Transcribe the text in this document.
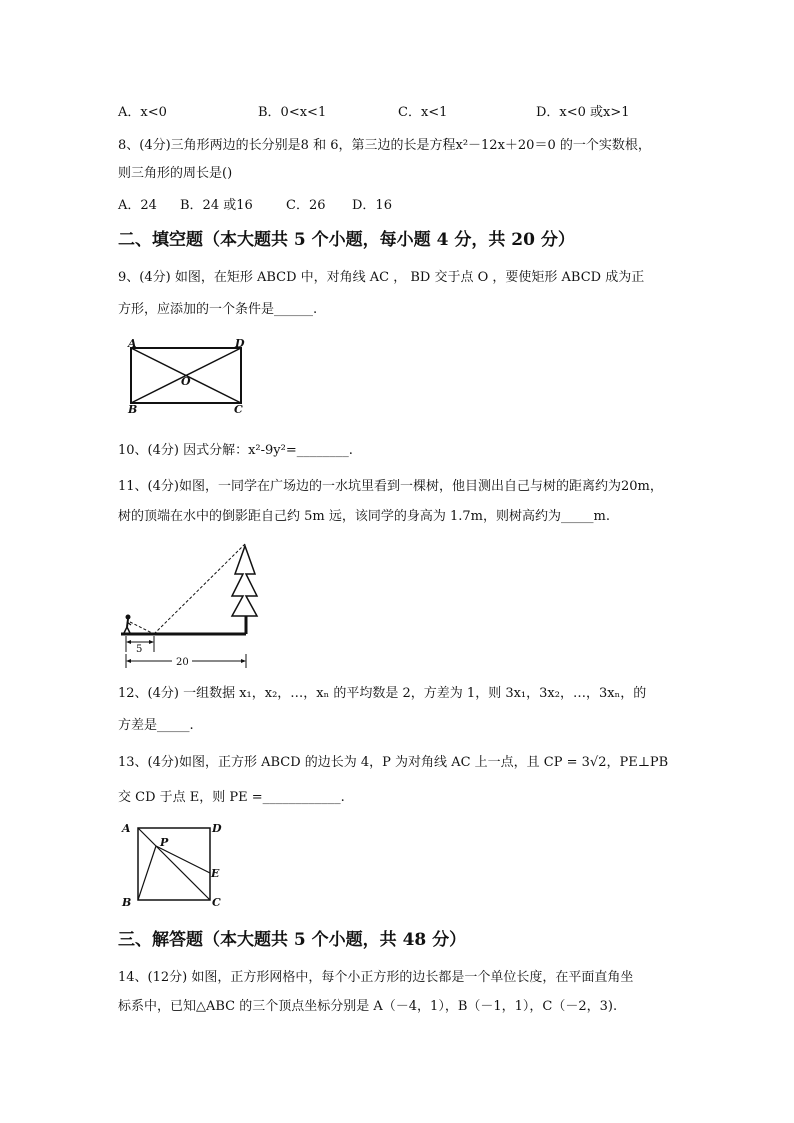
A．x<0	B．0<x<1	C．x<1	D．x<0 或x>1
8、(4分)三角形两边的长分别是8 和 6，第三边的长是方程x²－12x＋20＝0 的一个实数根，
则三角形的周长是()
A．24 B．24 或16	C．26 D．16
二、填空题（本大题共 5 个小题，每小题 4 分，共 20 分）
9、(4分) 如图，在矩形 ABCD 中，对角线 AC ， BD 交于点 O ，要使矩形 ABCD 成为正
方形，应添加的一个条件是______.
A	D
B	C
O
10、(4分) 因式分解：x²-9y²=________.
11、(4分)如图，一同学在广场边的一水坑里看到一棵树，他目测出自己与树的距离约为20m，
树的顶端在水中的倒影距自己约 5m 远，该同学的身高为 1.7m，则树高约为_____m.
5
20
12、(4分) 一组数据 x₁，x₂，…，xₙ 的平均数是 2，方差为 1，则 3x₁，3x₂，…，3xₙ，的
方差是_____.
13、(4分)如图，正方形 ABCD 的边长为 4，P 为对角线 AC 上一点，且 CP = 3√2，PE⊥PB
交 CD 于点 E，则 PE =____________.
A	D
B	C
P
E
三、解答题（本大题共 5 个小题，共 48 分）
14、(12分) 如图，正方形网格中，每个小正方形的边长都是一个单位长度，在平面直角坐
标系中，已知△ABC 的三个顶点坐标分别是 A（－4，1），B（－1，1），C（－2，3).
